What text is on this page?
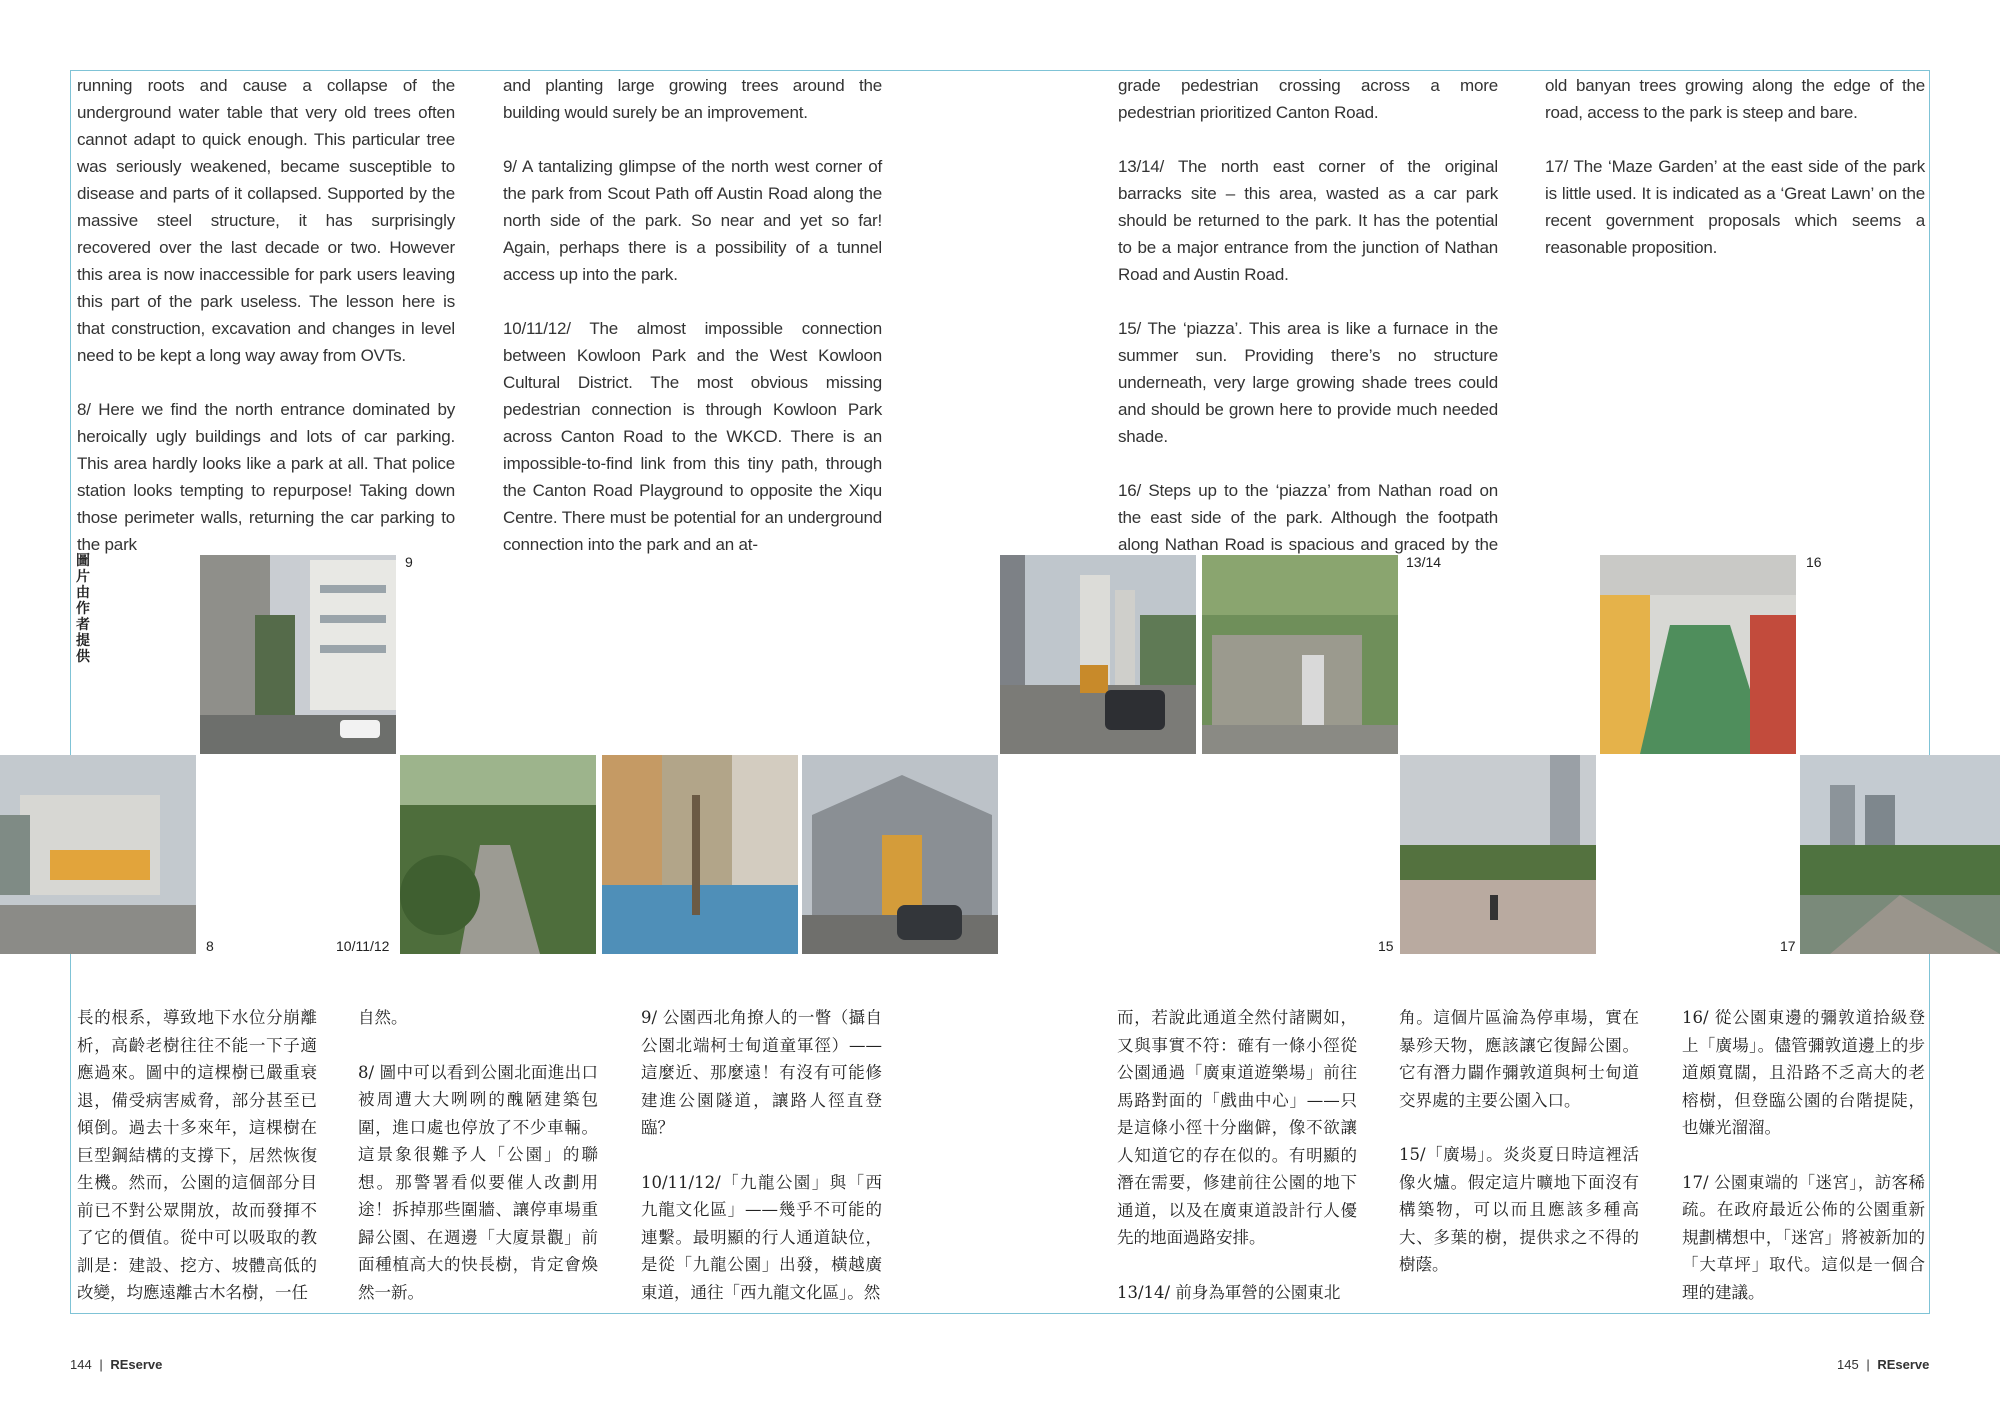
running roots and cause a collapse of the underground water table that very old trees often cannot adapt to quick enough. This particular tree was seriously weakened, became susceptible to disease and parts of it collapsed. Supported by the massive steel structure, it has surprisingly recovered over the last decade or two. However this area is now inaccessible for park users leaving this part of the park useless. The lesson here is that construction, excavation and changes in level need to be kept a long way away from OVTs.

8/ Here we find the north entrance dominated by heroically ugly buildings and lots of car parking. This area hardly looks like a park at all. That police station looks tempting to repurpose! Taking down those perimeter walls, returning the car parking to the park

and planting large growing trees around the building would surely be an improvement.

9/ A tantalizing glimpse of the north west corner of the park from Scout Path off Austin Road along the north side of the park. So near and yet so far! Again, perhaps there is a possibility of a tunnel access up into the park.

10/11/12/ The almost impossible connection between Kowloon Park and the West Kowloon Cultural District. The most obvious missing pedestrian connection is through Kowloon Park across Canton Road to the WKCD. There is an impossible-to-find link from this tiny path, through the Canton Road Playground to opposite the Xiqu Centre. There must be potential for an underground connection into the park and an at-

grade pedestrian crossing across a more pedestrian prioritized Canton Road.

13/14/ The north east corner of the original barracks site – this area, wasted as a car park should be returned to the park. It has the potential to be a major entrance from the junction of Nathan Road and Austin Road.

15/ The ‘piazza’. This area is like a furnace in the summer sun. Providing there’s no structure underneath, very large growing shade trees could and should be grown here to provide much needed shade.

16/ Steps up to the ‘piazza’ from Nathan road on the east side of the park. Although the footpath along Nathan Road is spacious and graced by the

old banyan trees growing along the edge of the road, access to the park is steep and bare.

17/ The ‘Maze Garden’ at the east side of the park is little used. It is indicated as a ‘Great Lawn’ on the recent government proposals which seems a reasonable proposition.

圖片由作者提供
9	13/14	16
8	10/11/12	15	17

長的根系，導致地下水位分崩離析，高齡老樹往往不能一下子適應過來。圖中的這棵樹已嚴重衰退，備受病害威脅，部分甚至已傾倒。過去十多來年，這棵樹在巨型鋼結構的支撐下，居然恢復生機。然而，公園的這個部分目前已不對公眾開放，故而發揮不了它的價值。從中可以吸取的教訓是：建設、挖方、坡體高低的改變，均應遠離古木名樹，一任

自然。

8/ 圖中可以看到公園北面進出口被周遭大大咧咧的醜陋建築包圍，進口處也停放了不少車輛。這景象很難予人「公園」的聯想。那警署看似要催人改劃用途！拆掉那些圍牆、讓停車場重歸公園、在週邊「大廈景觀」前面種植高大的快長樹，肯定會煥然一新。

9/ 公園西北角撩人的一瞥（攝自公園北端柯士甸道童軍徑）——這麼近、那麼遠！有沒有可能修建進公園隧道，讓路人徑直登臨？

10/11/12/「九龍公園」與「西九龍文化區」——幾乎不可能的連繫。最明顯的行人通道缺位，是從「九龍公園」出發，橫越廣東道，通往「西九龍文化區」。然

而，若說此通道全然付諸闕如，又與事實不符：確有一條小徑從公園通過「廣東道遊樂場」前往馬路對面的「戲曲中心」——只是這條小徑十分幽僻，像不欲讓人知道它的存在似的。有明顯的潛在需要，修建前往公園的地下通道，以及在廣東道設計行人優先的地面過路安排。

13/14/ 前身為軍營的公園東北

角。這個片區淪為停車場，實在暴殄天物，應該讓它復歸公園。它有潛力闢作彌敦道與柯士甸道交界處的主要公園入口。

15/「廣場」。炎炎夏日時這裡活像火爐。假定這片曠地下面沒有構築物，可以而且應該多種高大、多葉的樹，提供求之不得的樹蔭。

16/ 從公園東邊的彌敦道拾級登上「廣場」。儘管彌敦道邊上的步道頗寬闊，且沿路不乏高大的老榕樹，但登臨公園的台階提陡，也嫌光溜溜。

17/ 公園東端的「迷宮」，訪客稀疏。在政府最近公佈的公園重新規劃構想中，「迷宮」將被新加的「大草坪」取代。這似是一個合理的建議。

144 | REserve	145 | REserve
